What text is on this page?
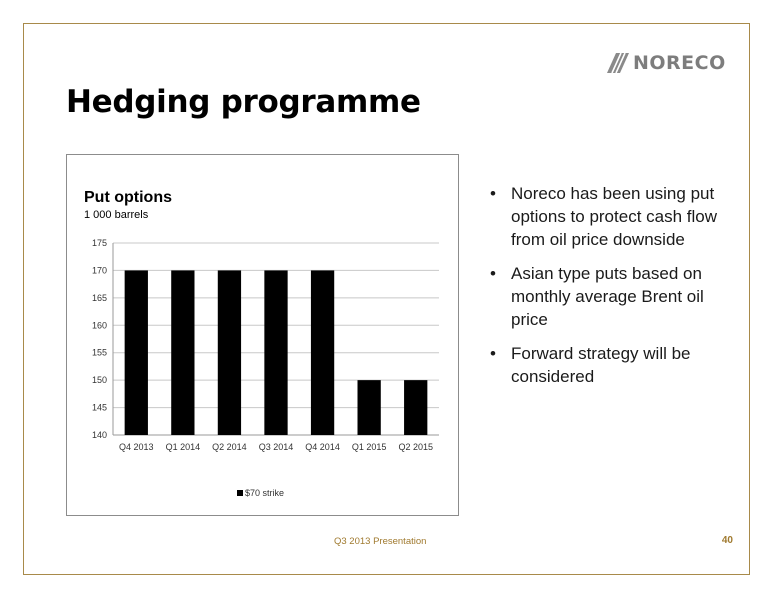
NORECO
Hedging programme
Put options
1 000 barrels
140
145
150
155
160
165
170
175
Q4 2013 Q1 2014 Q2 2014 Q3 2014 Q4 2014 Q1 2015 Q2 2015
$70 strike
• Noreco has been using put options to protect cash flow from oil price downside
• Asian type puts based on monthly average Brent oil price
• Forward strategy will be considered
Q3 2013 Presentation	40
